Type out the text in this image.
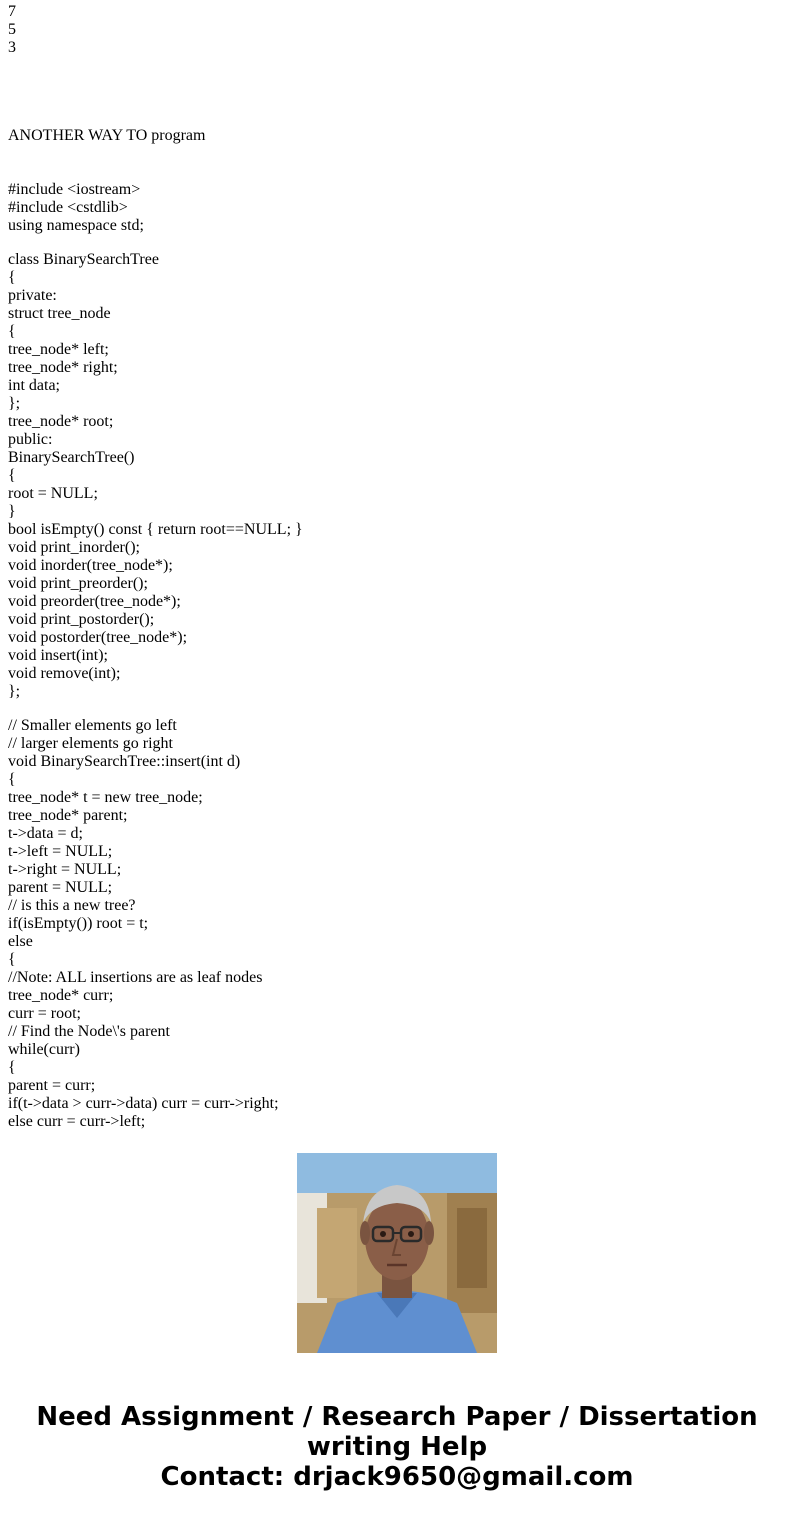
7
5
3
ANOTHER WAY TO program
#include <iostream>
#include <cstdlib>
using namespace std;
class BinarySearchTree
{
private:
struct tree_node
{
tree_node* left;
tree_node* right;
int data;
};
tree_node* root;
public:
BinarySearchTree()
{
root = NULL;
}
bool isEmpty() const { return root==NULL; }
void print_inorder();
void inorder(tree_node*);
void print_preorder();
void preorder(tree_node*);
void print_postorder();
void postorder(tree_node*);
void insert(int);
void remove(int);
};
// Smaller elements go left
// larger elements go right
void BinarySearchTree::insert(int d)
{
tree_node* t = new tree_node;
tree_node* parent;
t->data = d;
t->left = NULL;
t->right = NULL;
parent = NULL;
// is this a new tree?
if(isEmpty()) root = t;
else
{
//Note: ALL insertions are as leaf nodes
tree_node* curr;
curr = root;
// Find the Node\'s parent
while(curr)
{
parent = curr;
if(t->data > curr->data) curr = curr->right;
else curr = curr->left;
Need Assignment / Research Paper / Dissertation
writing Help
Contact: drjack9650@gmail.com
